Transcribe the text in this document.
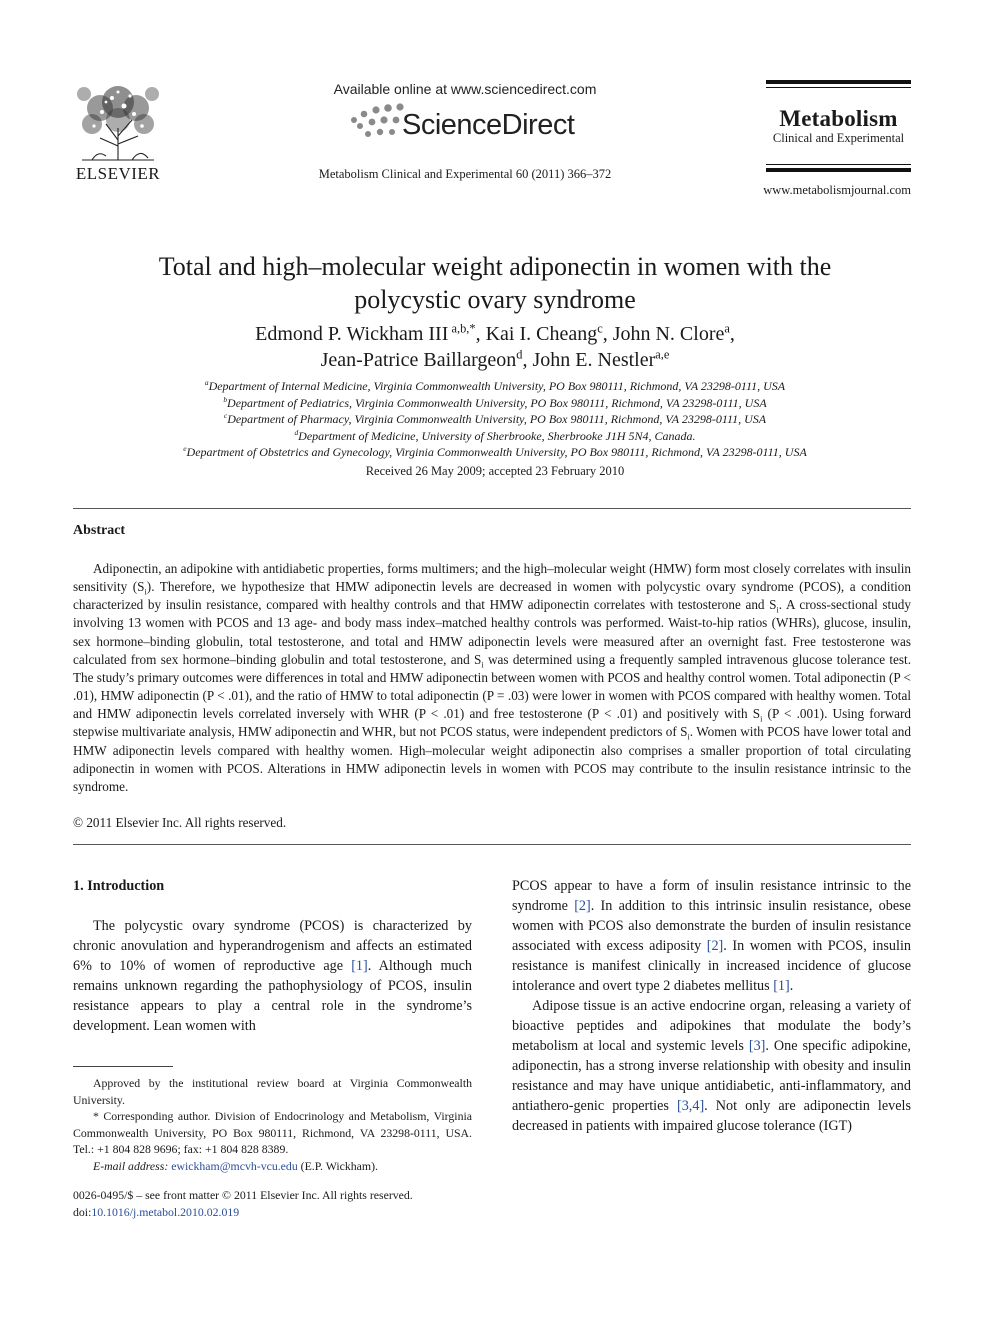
ELSEVIER
Available online at www.sciencedirect.com
ScienceDirect
Metabolism Clinical and Experimental 60 (2011) 366–372
Metabolism
Clinical and Experimental
www.metabolismjournal.com
Total and high–molecular weight adiponectin in women with the
polycystic ovary syndrome
Edmond P. Wickham III $^{a,b,*}$, Kai I. Cheang$^c$, John N. Clore$^a$,
Jean-Patrice Baillargeon$^d$, John E. Nestler$^{a,e}$
$^a$Department of Internal Medicine, Virginia Commonwealth University, PO Box 980111, Richmond, VA 23298-0111, USA
$^b$Department of Pediatrics, Virginia Commonwealth University, PO Box 980111, Richmond, VA 23298-0111, USA
$^c$Department of Pharmacy, Virginia Commonwealth University, PO Box 980111, Richmond, VA 23298-0111, USA
$^d$Department of Medicine, University of Sherbrooke, Sherbrooke J1H 5N4, Canada.
$^e$Department of Obstetrics and Gynecology, Virginia Commonwealth University, PO Box 980111, Richmond, VA 23298-0111, USA
Received 26 May 2009; accepted 23 February 2010
Abstract
Adiponectin, an adipokine with antidiabetic properties, forms multimers; and the high–molecular weight (HMW) form most closely correlates with insulin sensitivity $(S_i)$. Therefore, we hypothesize that HMW adiponectin levels are decreased in women with polycystic ovary syndrome (PCOS), a condition characterized by insulin resistance, compared with healthy controls and that HMW adiponectin correlates with testosterone and $S_i$. A cross-sectional study involving 13 women with PCOS and 13 age- and body mass index–matched healthy controls was performed. Waist-to-hip ratios (WHRs), glucose, insulin, sex hormone–binding globulin, total testosterone, and total and HMW adiponectin levels were measured after an overnight fast. Free testosterone was calculated from sex hormone–binding globulin and total testosterone, and $S_i$ was determined using a frequently sampled intravenous glucose tolerance test. The study’s primary outcomes were differences in total and HMW adiponectin between women with PCOS and healthy control women. Total adiponectin (P < .01), HMW adiponectin (P < .01), and the ratio of HMW to total adiponectin (P = .03) were lower in women with PCOS compared with healthy women. Total and HMW adiponectin levels correlated inversely with WHR (P < .01) and free testosterone (P < .01) and positively with $S_i$ (P < .001). Using forward stepwise multivariate analysis, HMW adiponectin and WHR, but not PCOS status, were independent predictors of $S_i$. Women with PCOS have lower total and HMW adiponectin levels compared with healthy women. High–molecular weight adiponectin also comprises a smaller proportion of total circulating adiponectin in women with PCOS. Alterations in HMW adiponectin levels in women with PCOS may contribute to the insulin resistance intrinsic to the syndrome.
© 2011 Elsevier Inc. All rights reserved.
1. Introduction

The polycystic ovary syndrome (PCOS) is characterized by chronic anovulation and hyperandrogenism and affects an estimated 6% to 10% of women of reproductive age [1]. Although much remains unknown regarding the pathophysiology of PCOS, insulin resistance appears to play a central role in the syndrome’s development. Lean women with

Approved by the institutional review board at Virginia Commonwealth University.

* Corresponding author. Division of Endocrinology and Metabolism, Virginia Commonwealth University, PO Box 980111, Richmond, VA 23298-0111, USA. Tel.: +1 804 828 9696; fax: +1 804 828 8389.

E-mail address: ewickham@mcvh-vcu.edu (E.P. Wickham).

0026-0495/$ – see front matter © 2011 Elsevier Inc. All rights reserved.
doi:10.1016/j.metabol.2010.02.019

PCOS appear to have a form of insulin resistance intrinsic to the syndrome [2]. In addition to this intrinsic insulin resistance, obese women with PCOS also demonstrate the burden of insulin resistance associated with excess adiposity [2]. In women with PCOS, insulin resistance is manifest clinically in increased incidence of glucose intolerance and overt type 2 diabetes mellitus [1].

Adipose tissue is an active endocrine organ, releasing a variety of bioactive peptides and adipokines that modulate the body’s metabolism at local and systemic levels [3]. One specific adipokine, adiponectin, has a strong inverse relationship with obesity and insulin resistance and may have unique antidiabetic, anti-inflammatory, and antiathero-genic properties [3,4]. Not only are adiponectin levels decreased in patients with impaired glucose tolerance (IGT)
